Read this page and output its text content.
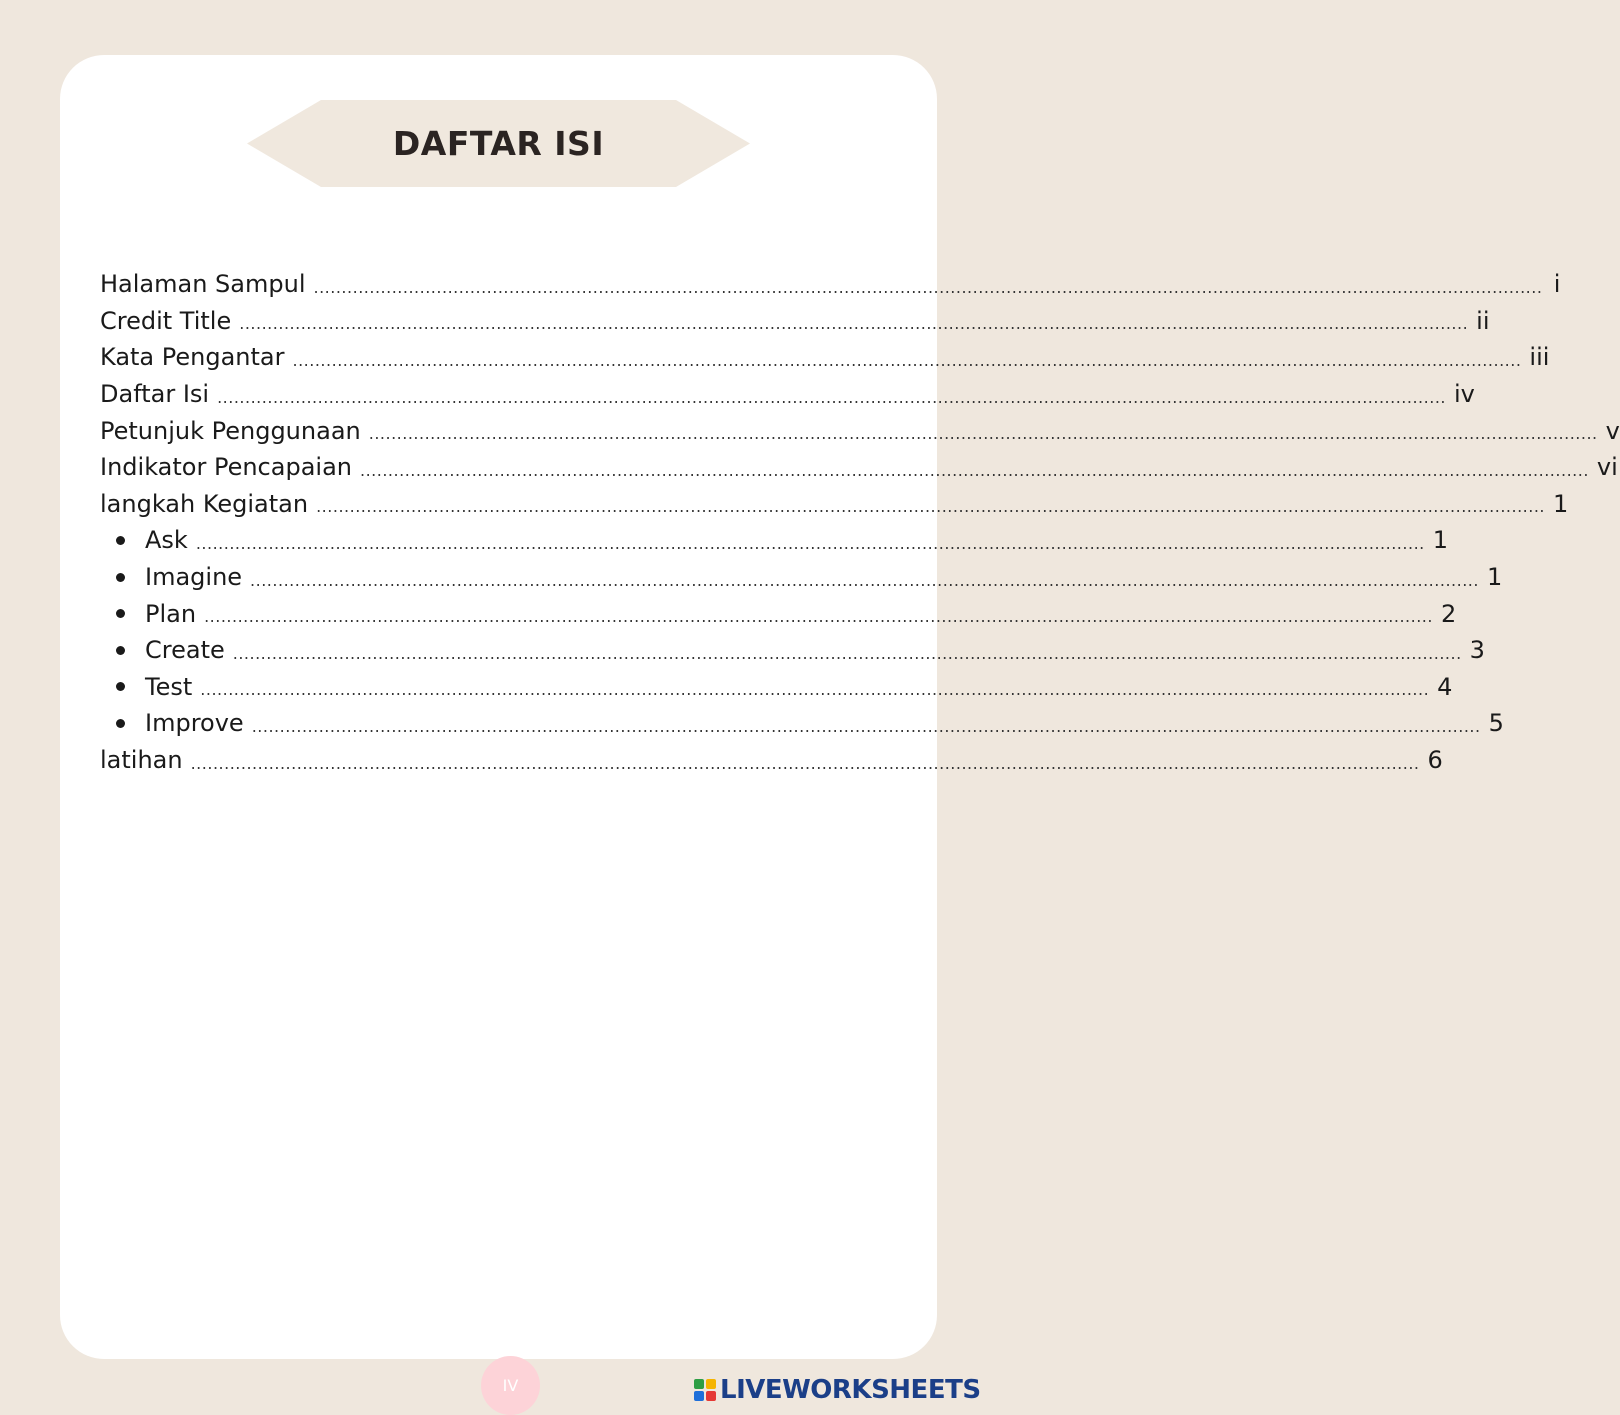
DAFTAR ISI
Halaman Sampul ............................................................................................................................................................................................................................ i
Credit Title ............................................................................................................................................................................................................................ ii
Kata Pengantar ............................................................................................................................................................................................................................ iii
Daftar Isi ............................................................................................................................................................................................................................ iv
Petunjuk Penggunaan ............................................................................................................................................................................................................................ v
Indikator Pencapaian ............................................................................................................................................................................................................................ vi
langkah Kegiatan ............................................................................................................................................................................................................................ 1
Ask ............................................................................................................................................................................................................................ 1
Imagine ............................................................................................................................................................................................................................ 1
Plan ............................................................................................................................................................................................................................ 2
Create ............................................................................................................................................................................................................................ 3
Test ............................................................................................................................................................................................................................ 4
Improve ............................................................................................................................................................................................................................ 5
latihan ............................................................................................................................................................................................................................ 6
IV	LIVEWORKSHEETS
